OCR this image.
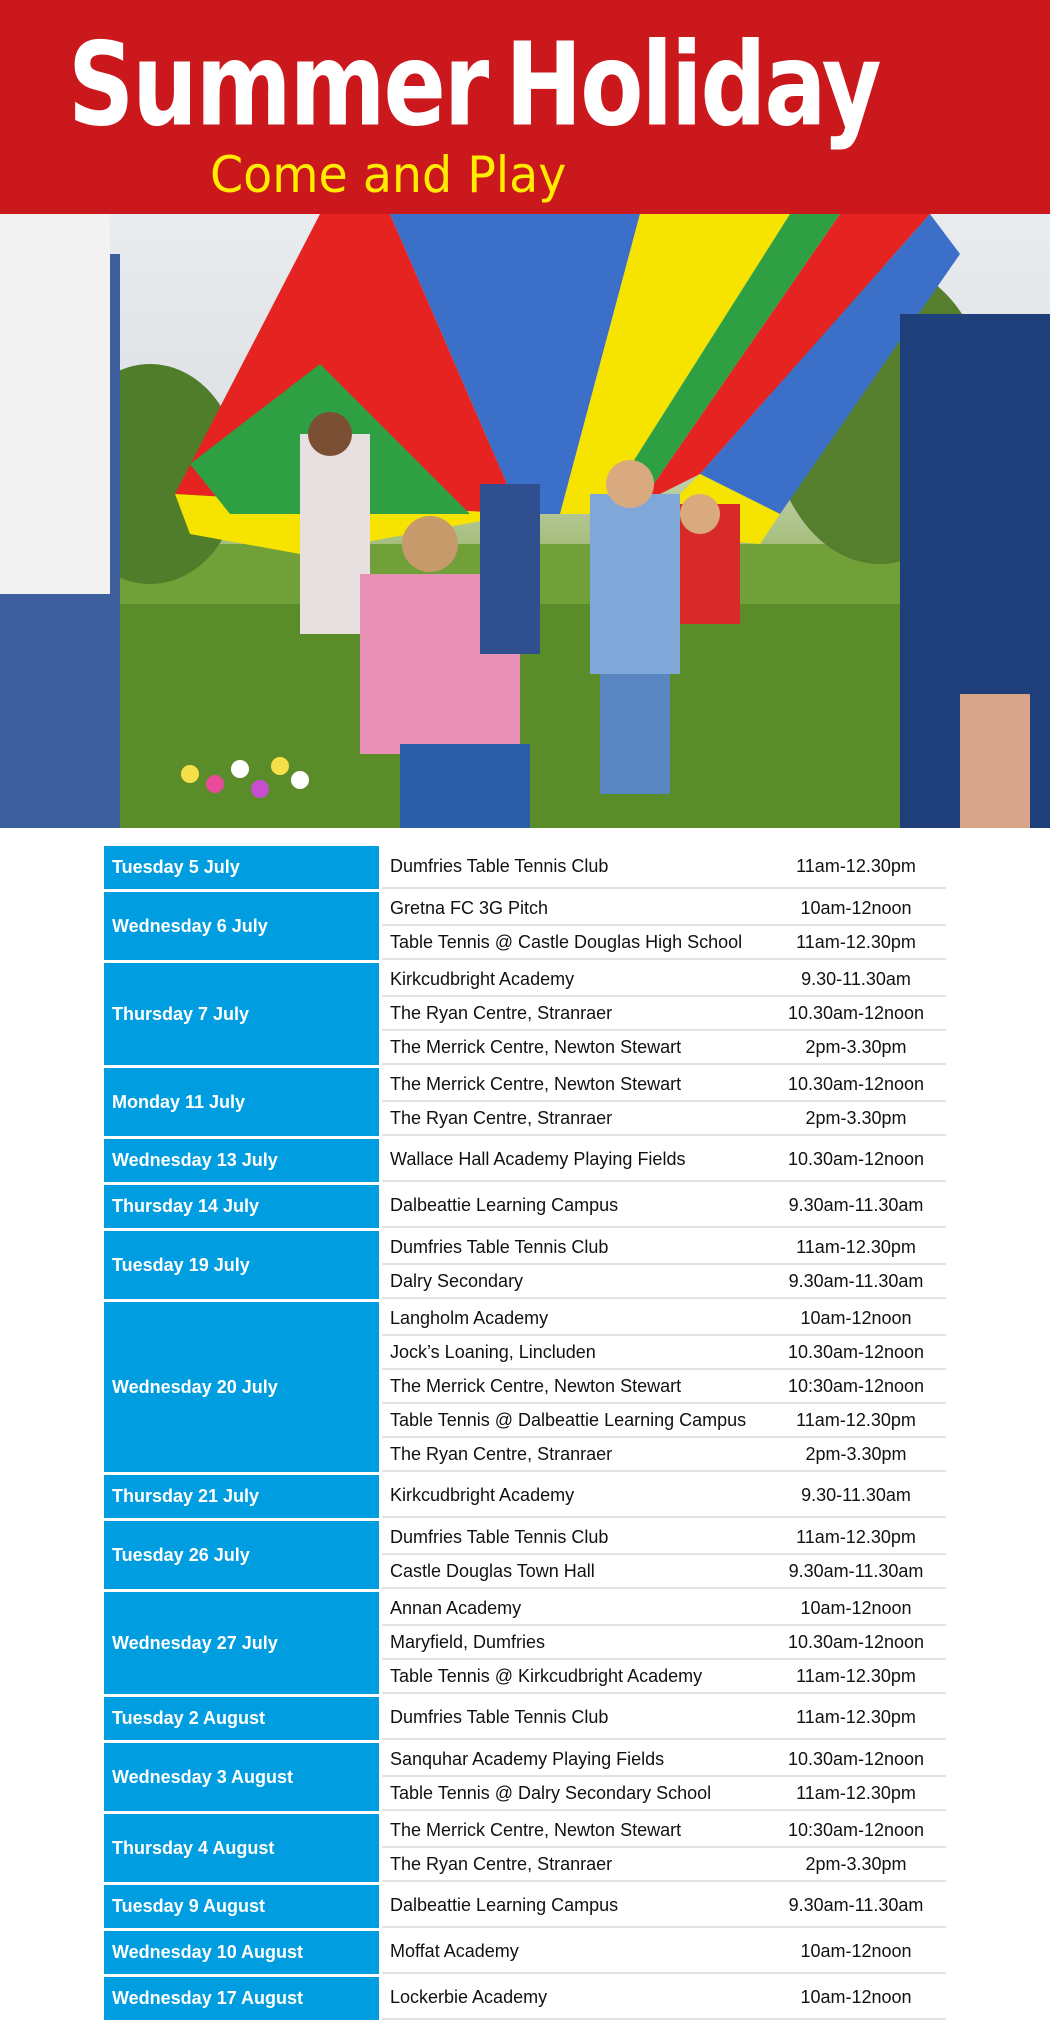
Summer Holiday
Come and Play
Tuesday 5 July	Dumfries Table Tennis Club	11am-12.30pm
Wednesday 6 July
Gretna FC 3G Pitch	10am-12noon
Table Tennis @ Castle Douglas High School	11am-12.30pm
Thursday 7 July
Kirkcudbright Academy	9.30-11.30am
The Ryan Centre, Stranraer	10.30am-12noon
The Merrick Centre, Newton Stewart	2pm-3.30pm
Monday 11 July
The Merrick Centre, Newton Stewart	10.30am-12noon
The Ryan Centre, Stranraer	2pm-3.30pm
Wednesday 13 July	Wallace Hall Academy Playing Fields	10.30am-12noon
Thursday 14 July	Dalbeattie Learning Campus	9.30am-11.30am
Tuesday 19 July
Dumfries Table Tennis Club	11am-12.30pm
Dalry Secondary	9.30am-11.30am
Wednesday 20 July
Langholm Academy	10am-12noon
Jock’s Loaning, Lincluden	10.30am-12noon
The Merrick Centre, Newton Stewart	10:30am-12noon
Table Tennis @ Dalbeattie Learning Campus	11am-12.30pm
The Ryan Centre, Stranraer	2pm-3.30pm
Thursday 21 July	Kirkcudbright Academy	9.30-11.30am
Tuesday 26 July
Dumfries Table Tennis Club	11am-12.30pm
Castle Douglas Town Hall	9.30am-11.30am
Wednesday 27 July
Annan Academy	10am-12noon
Maryfield, Dumfries	10.30am-12noon
Table Tennis @ Kirkcudbright Academy	11am-12.30pm
Tuesday 2 August	Dumfries Table Tennis Club	11am-12.30pm
Wednesday 3 August
Sanquhar Academy Playing Fields	10.30am-12noon
Table Tennis @ Dalry Secondary School	11am-12.30pm
Thursday 4 August
The Merrick Centre, Newton Stewart	10:30am-12noon
The Ryan Centre, Stranraer	2pm-3.30pm
Tuesday 9 August	Dalbeattie Learning Campus	9.30am-11.30am
Wednesday 10 August	Moffat Academy	10am-12noon
Wednesday 17 August	Lockerbie Academy	10am-12noon
